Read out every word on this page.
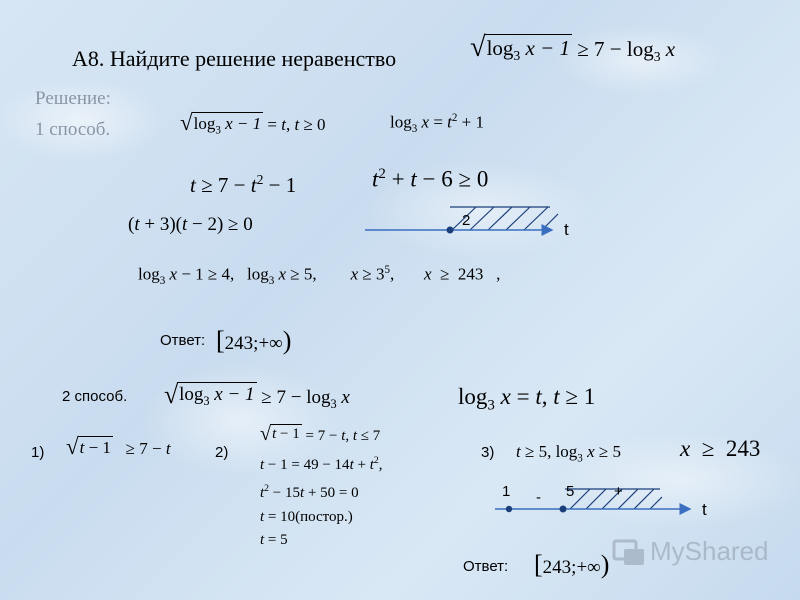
А8. Найдите решение неравенство	√ $\log_3 x - 1 \ge 7 - \log_3 x$
Решение:
1 способ.	√ $\log_3 x - 1 = t$, t ≥ 0	$\log_3 x = t^2 + 1$
$t \ge 7 - t^2 - 1$	$t^2 + t - 6 \ge 0$
(t + 3)(t − 2) ≥ 0	2	t
$\log_3 x - 1 \ge 4$,   $\log_3 x \ge 5$,        $x \ge 3^5$,       x  ≥  243   ,
Ответ: [243;+∞)
2 способ. √ $\log_3 x - 1 \ge 7 - \log_3 x$	$\log_3 x = t$, t ≥ 1
1) √ t − 1 ≥ 7 − t	2)
√ t − 1 = 7 − t, t ≤ 7
$t - 1 = 49 - 14t + t^2$,
$t^2 - 15t + 50 = 0$
t = 10(постор.)
t = 5
3) t ≥ 5, $\log_3 x \ge 5$	x  ≥  243
1	5
-	+
t
Ответ: [243;+∞) MyShared
